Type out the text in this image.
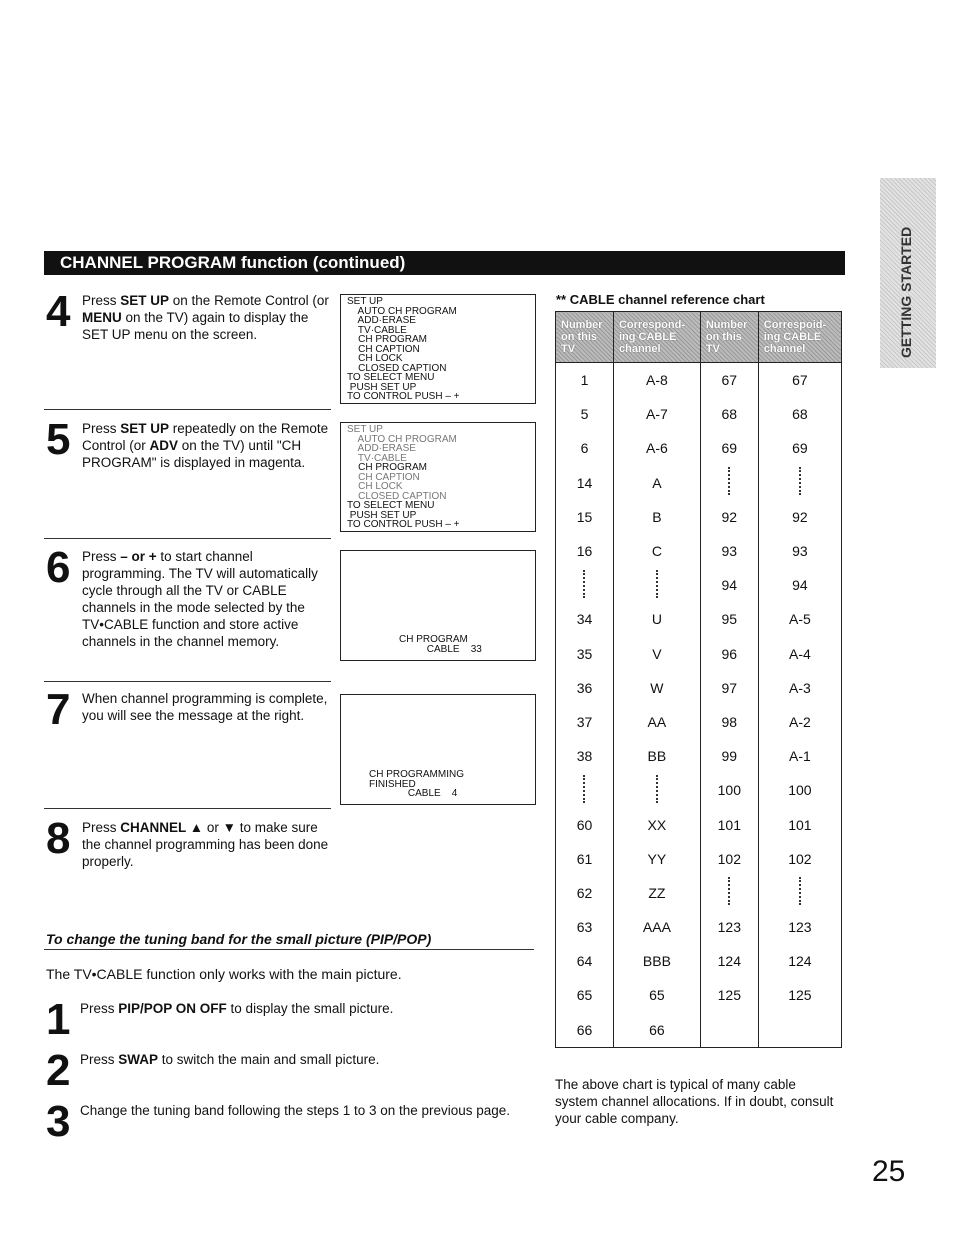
GETTING STARTED
CHANNEL PROGRAM function (continued)
4 Press SET UP on the Remote Control (or MENU on the TV) again to display the SET UP menu on the screen.
5 Press SET UP repeatedly on the Remote Control (or ADV on the TV) until "CH PROGRAM" is displayed in magenta.
6 Press – or + to start channel programming. The TV will automatically cycle through all the TV or CABLE channels in the mode selected by the TV•CABLE function and store active channels in the channel memory.
7 When channel programming is complete, you will see the message at the right.
8 Press CHANNEL ▲ or ▼ to make sure the channel programming has been done properly.
SET UP
AUTO CH PROGRAM
ADD·ERASE
TV·CABLE
CH PROGRAM
CH CAPTION
CH LOCK
CLOSED CAPTION
TO SELECT MENU
PUSH SET UP
TO CONTROL PUSH – +
SET UP
AUTO CH PROGRAM
ADD·ERASE
TV·CABLE
CH PROGRAM
CH CAPTION
CH LOCK
CLOSED CAPTION
TO SELECT MENU
PUSH SET UP
TO CONTROL PUSH – +
CH PROGRAM
CABLE    33
CH PROGRAMMING
FINISHED
CABLE    4
To change the tuning band for the small picture (PIP/POP)
The TV•CABLE function only works with the main picture.
1 Press PIP/POP ON OFF to display the small picture.
2 Press SWAP to switch the main and small picture.
3 Change the tuning band following the steps 1 to 3 on the previous page.
** CABLE channel reference chart
Number on this TV	Correspond-ing CABLE channel	Number on this TV	Correspoid-ing CABLE channel
1	A-8	67	67
5	A-7	68	68
6	A-6	69	69
14	A		
15	B	92	92
16	C	93	93
		94	94
34	U	95	A-5
35	V	96	A-4
36	W	97	A-3
37	AA	98	A-2
38	BB	99	A-1
		100	100
60	XX	101	101
61	YY	102	102
62	ZZ		
63	AAA	123	123
64	BBB	124	124
65	65	125	125
66	66		
The above chart is typical of many cable system channel allocations. If in doubt, consult your cable company.
25
